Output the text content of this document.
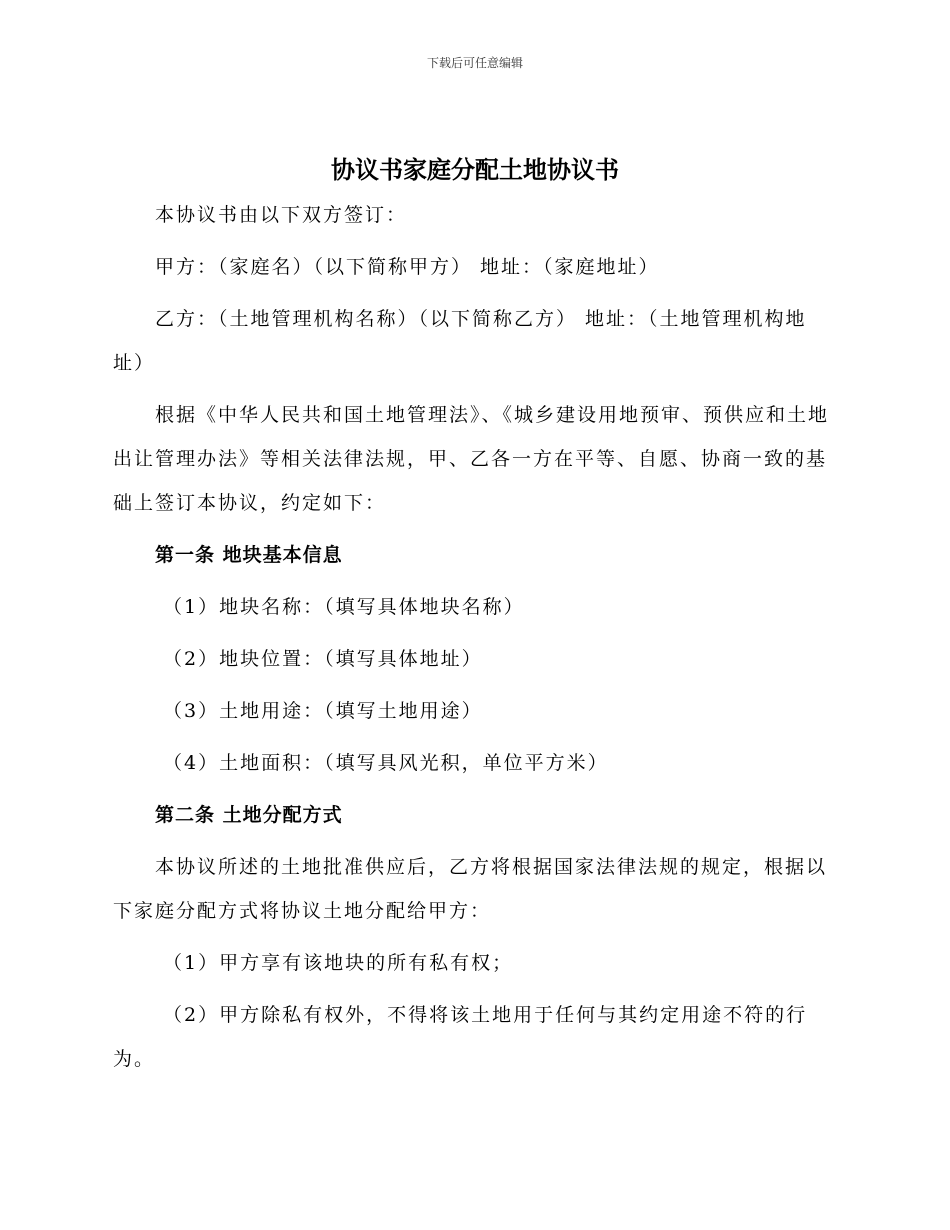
下载后可任意编辑
协议书家庭分配土地协议书

本协议书由以下双方签订：

甲方：（家庭名）（以下简称甲方） 地址：（家庭地址）

乙方：（土地管理机构名称）（以下简称乙方） 地址：（土地管理机构地址）

根据《中华人民共和国土地管理法》、《城乡建设用地预审、预供应和土地出让管理办法》等相关法律法规，甲、乙各一方在平等、自愿、协商一致的基础上签订本协议，约定如下：

第一条 地块基本信息
（1）地块名称：（填写具体地块名称）
（2）地块位置：（填写具体地址）
（3）土地用途：（填写土地用途）
（4）土地面积：（填写具风光积，单位平方米）
第二条 土地分配方式

本协议所述的土地批准供应后，乙方将根据国家法律法规的规定，根据以下家庭分配方式将协议土地分配给甲方：

（1）甲方享有该地块的所有私有权；

（2）甲方除私有权外，不得将该土地用于任何与其约定用途不符的行为。
